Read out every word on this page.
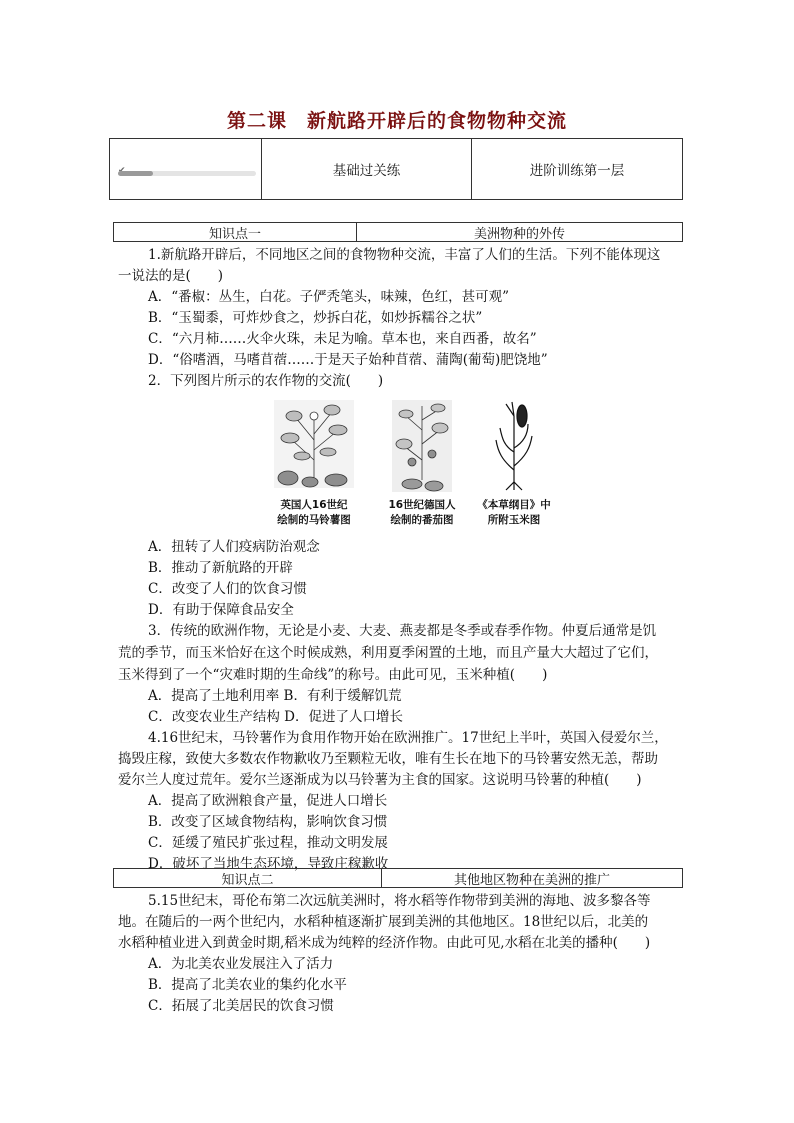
第二课　新航路开辟后的食物物种交流
基础过关练	进阶训练第一层
知识点一	美洲物种的外传
1.新航路开辟后，不同地区之间的食物物种交流，丰富了人们的生活。下列不能体现这
一说法的是(　　)
A．“番椒：丛生，白花。子俨秃笔头，味辣，色红，甚可观”
B．“玉蜀黍，可炸炒食之，炒拆白花，如炒拆糯谷之状”
C．“六月柿……火伞火珠，未足为喻。草本也，来自西番，故名”
D．“俗嗜酒，马嗜苜蓿……于是天子始种苜蓿、蒲陶(葡萄)肥饶地”
2．下列图片所示的农作物的交流(　　)
英国人16世纪
绘制的马铃薯图
16世纪德国人
绘制的番茄图
《本草纲目》中
所附玉米图
A．扭转了人们疫病防治观念
B．推动了新航路的开辟
C．改变了人们的饮食习惯
D．有助于保障食品安全
3．传统的欧洲作物，无论是小麦、大麦、燕麦都是冬季或春季作物。仲夏后通常是饥
荒的季节，而玉米恰好在这个时候成熟，利用夏季闲置的土地，而且产量大大超过了它们，
玉米得到了一个“灾难时期的生命线”的称号。由此可见，玉米种植(　　)
A．提高了土地利用率 B．有利于缓解饥荒
C．改变农业生产结构 D．促进了人口增长
4.16世纪末，马铃薯作为食用作物开始在欧洲推广。17世纪上半叶，英国入侵爱尔兰，
捣毁庄稼，致使大多数农作物歉收乃至颗粒无收，唯有生长在地下的马铃薯安然无恙，帮助
爱尔兰人度过荒年。爱尔兰逐渐成为以马铃薯为主食的国家。这说明马铃薯的种植(　　)
A．提高了欧洲粮食产量，促进人口增长
B．改变了区域食物结构，影响饮食习惯
C．延缓了殖民扩张过程，推动文明发展
D．破坏了当地生态环境，导致庄稼歉收
知识点二	其他地区物种在美洲的推广
5.15世纪末，哥伦布第二次远航美洲时，将水稻等作物带到美洲的海地、波多黎各等
地。在随后的一两个世纪内，水稻种植逐渐扩展到美洲的其他地区。18世纪以后，北美的
水稻种植业进入到黄金时期,稻米成为纯粹的经济作物。由此可见,水稻在北美的播种(　　)
A．为北美农业发展注入了活力
B．提高了北美农业的集约化水平
C．拓展了北美居民的饮食习惯
